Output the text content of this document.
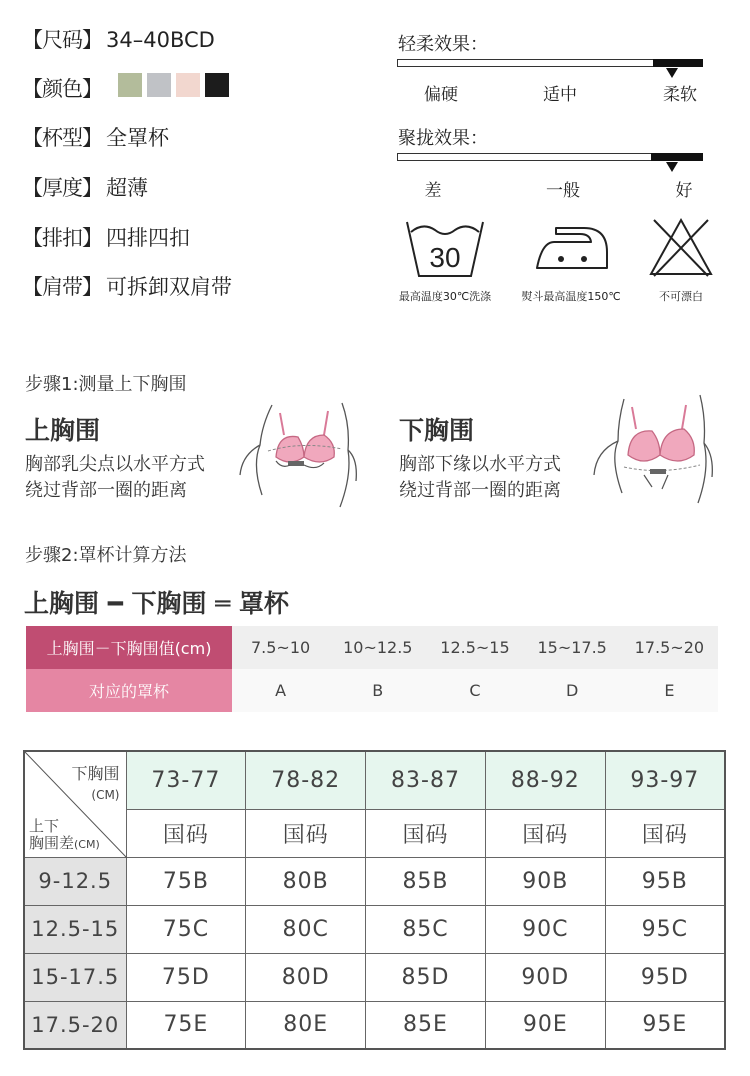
【尺码】 34–40BCD
【颜色】
【杯型】 全罩杯
【厚度】 超薄
【排扣】 四排四扣
【肩带】 可拆卸双肩带
轻柔效果：
偏硬	适中	柔软
聚拢效果：
差	一般	好
30
最高温度30℃洗涤	熨斗最高温度150℃	不可漂白
步骤1:测量上下胸围
上胸围
胸部乳尖点以水平方式
绕过背部一圈的距离
下胸围
胸部下缘以水平方式
绕过背部一圈的距离
步骤2:罩杯计算方法
上胸围 ━ 下胸围 ═ 罩杯
上胸围－下胸围值(cm)	7.5~10	10~12.5	12.5~15	15~17.5	17.5~20
对应的罩杯	A	B	C	D	E
下胸围
(CM)
上下
胸围差(CM)	73-77	78-82	83-87	88-92	93-97
	国码	国码	国码	国码	国码
9-12.5	75B	80B	85B	90B	95B
12.5-15	75C	80C	85C	90C	95C
15-17.5	75D	80D	85D	90D	95D
17.5-20	75E	80E	85E	90E	95E
